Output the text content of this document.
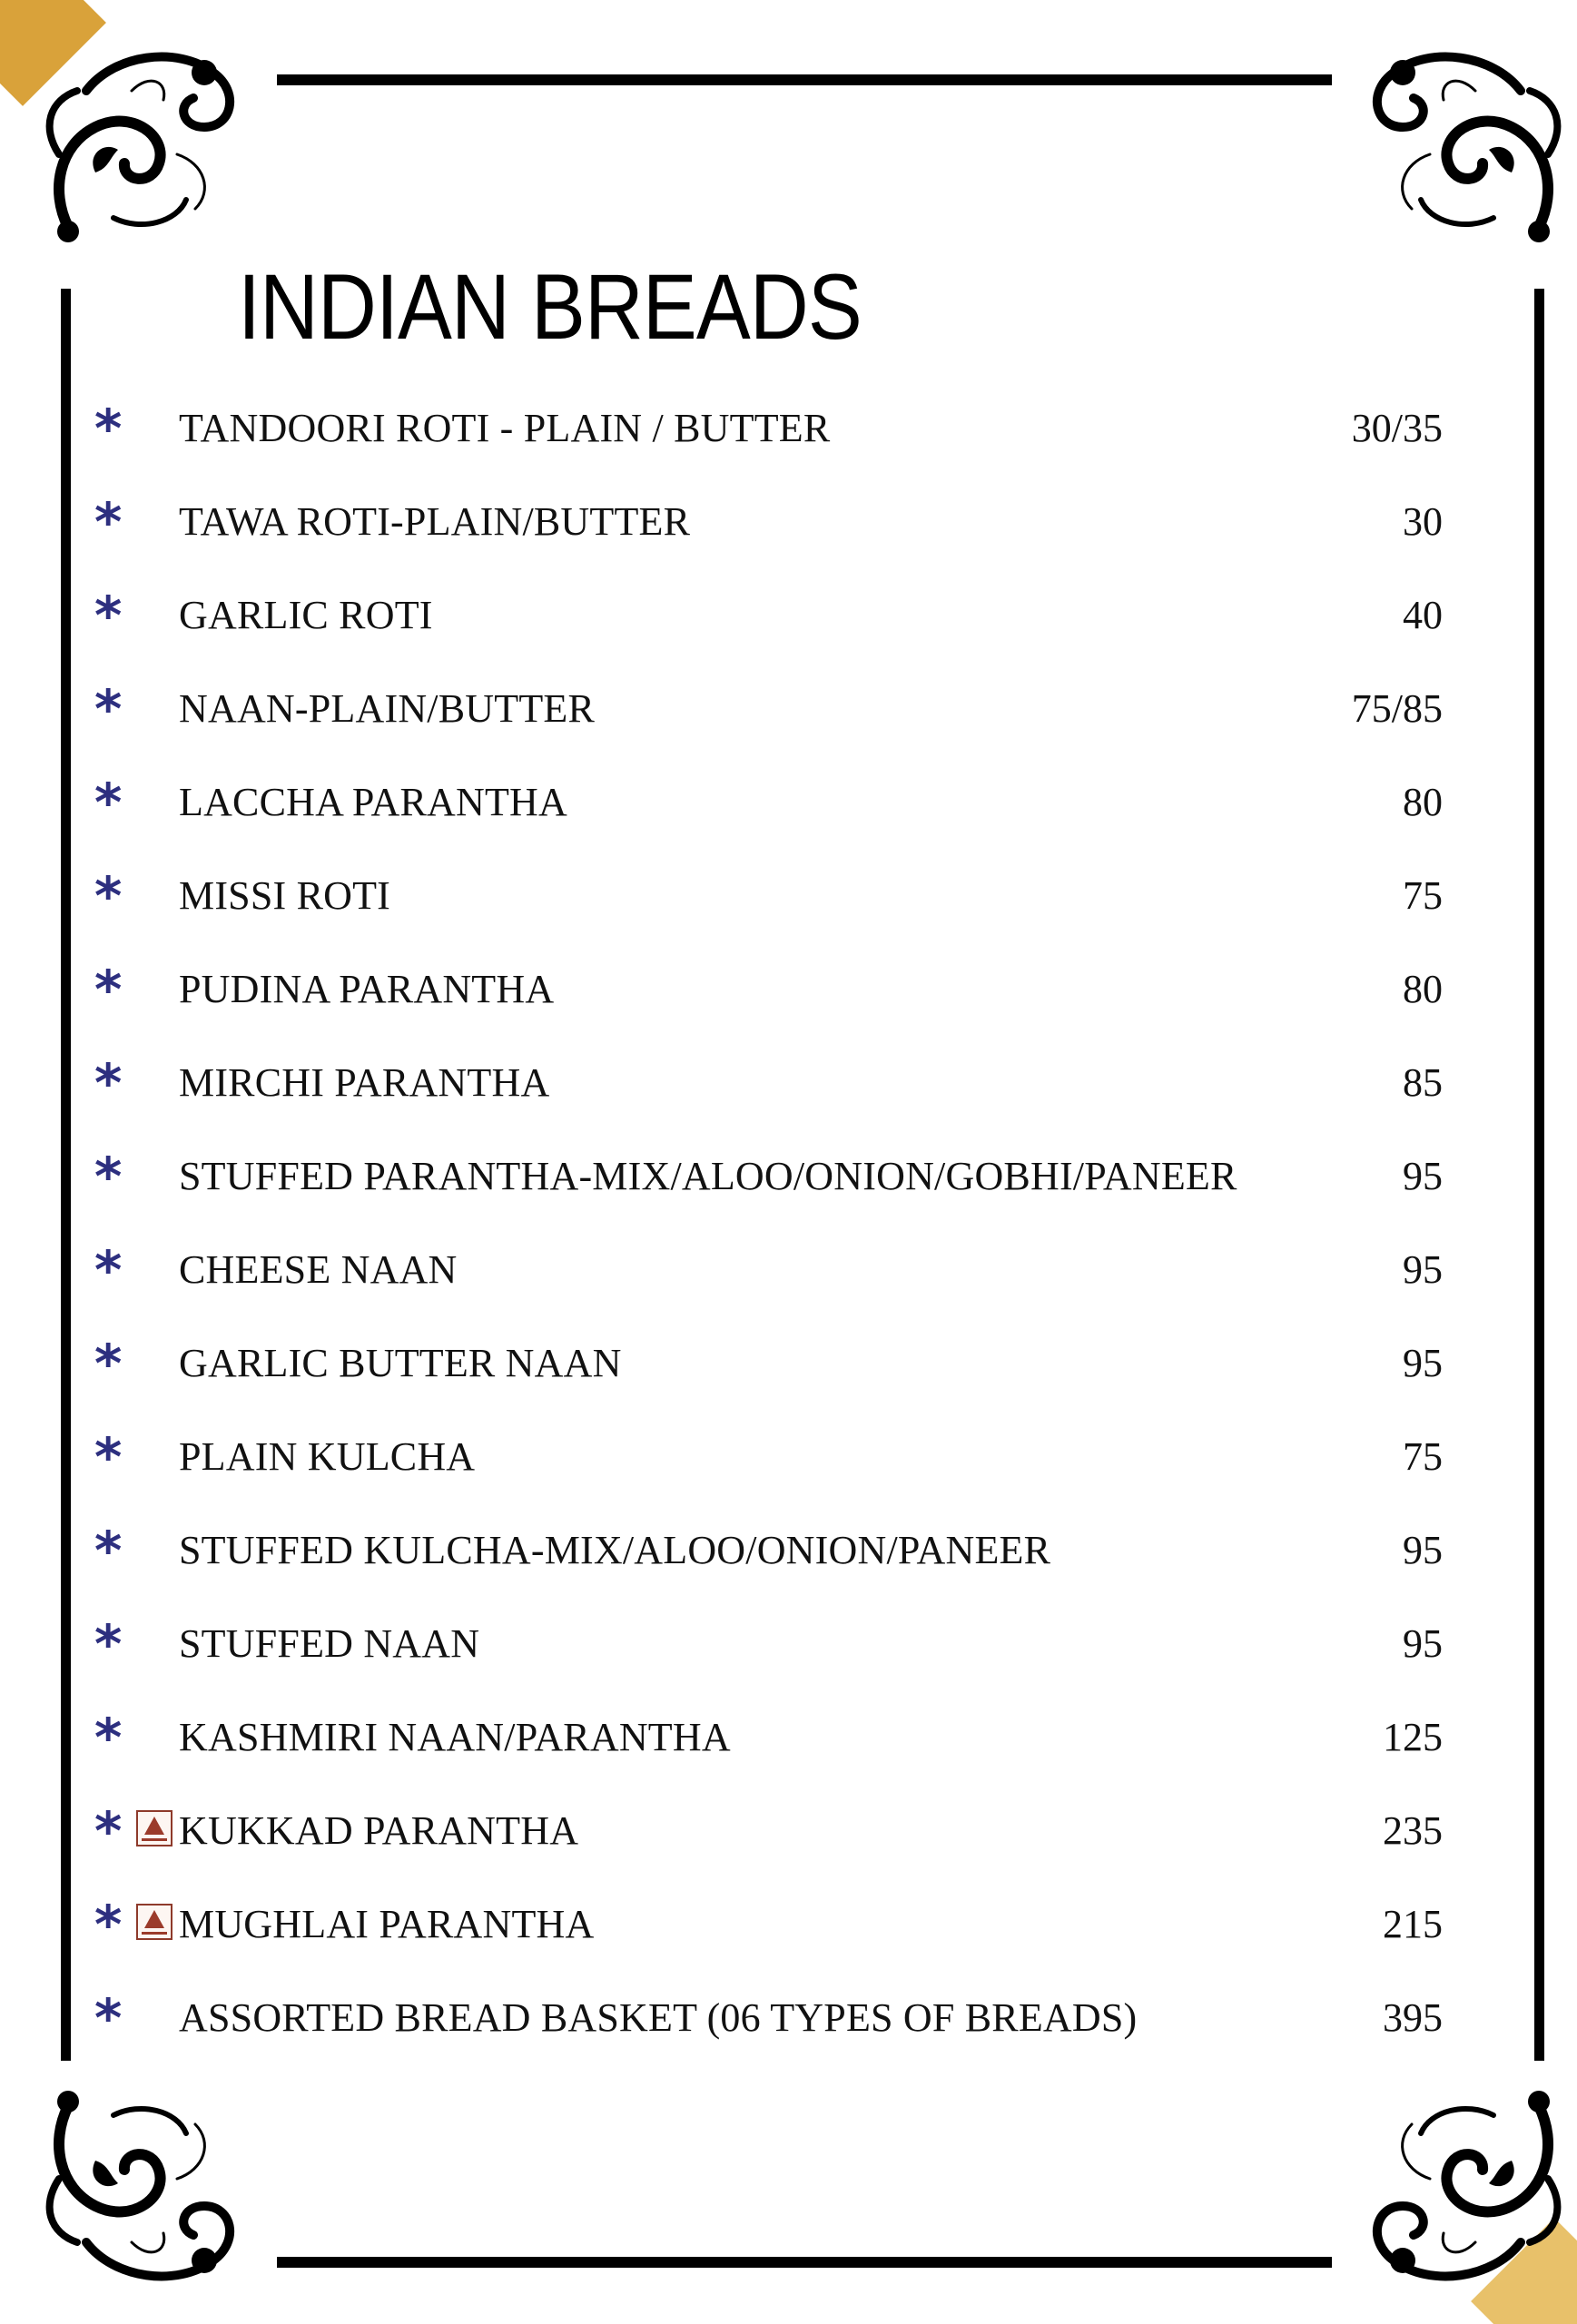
INDIAN BREADS
* TANDOORI ROTI - PLAIN / BUTTER	30/35
* TAWA ROTI-PLAIN/BUTTER	30
* GARLIC ROTI	40
* NAAN-PLAIN/BUTTER	75/85
* LACCHA PARANTHA	80
* MISSI ROTI	75
* PUDINA PARANTHA	80
* MIRCHI PARANTHA	85
* STUFFED PARANTHA-MIX/ALOO/ONION/GOBHI/PANEER	95
* CHEESE NAAN	95
* GARLIC BUTTER NAAN	95
* PLAIN KULCHA	75
* STUFFED KULCHA-MIX/ALOO/ONION/PANEER	95
* STUFFED NAAN	95
* KASHMIRI NAAN/PARANTHA	125
* KUKKAD PARANTHA	235
* MUGHLAI PARANTHA	215
* ASSORTED BREAD BASKET (06 TYPES OF BREADS)	395
